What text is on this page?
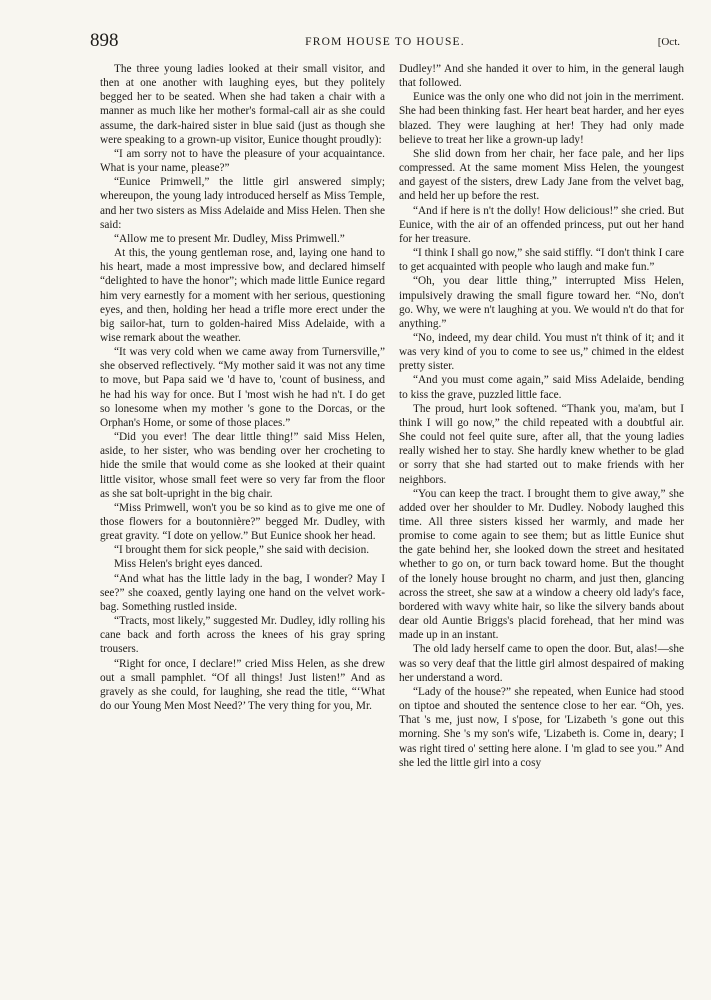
898	FROM HOUSE TO HOUSE.	[Oct.

The three young ladies looked at their small visitor, and then at one another with laughing eyes, but they politely begged her to be seated. When she had taken a chair with a manner as much like her mother's formal-call air as she could assume, the dark-haired sister in blue said (just as though she were speaking to a grown-up visitor, Eunice thought proudly):

“I am sorry not to have the pleasure of your acquaintance. What is your name, please?”

“Eunice Primwell,” the little girl answered simply; whereupon, the young lady introduced herself as Miss Temple, and her two sisters as Miss Adelaide and Miss Helen. Then she said:

“Allow me to present Mr. Dudley, Miss Primwell.”

At this, the young gentleman rose, and, laying one hand to his heart, made a most impressive bow, and declared himself “delighted to have the honor”; which made little Eunice regard him very earnestly for a moment with her serious, questioning eyes, and then, holding her head a trifle more erect under the big sailor-hat, turn to golden-haired Miss Adelaide, with a wise remark about the weather.

“It was very cold when we came away from Turnersville,” she observed reflectively. “My mother said it was not any time to move, but Papa said we 'd have to, 'count of business, and he had his way for once. But I 'most wish he had n't. I do get so lonesome when my mother 's gone to the Dorcas, or the Orphan's Home, or some of those places.”

“Did you ever! The dear little thing!” said Miss Helen, aside, to her sister, who was bending over her crocheting to hide the smile that would come as she looked at their quaint little visitor, whose small feet were so very far from the floor as she sat bolt-upright in the big chair.

“Miss Primwell, won't you be so kind as to give me one of those flowers for a boutonnière?” begged Mr. Dudley, with great gravity. “I dote on yellow.” But Eunice shook her head.

“I brought them for sick people,” she said with decision.

Miss Helen's bright eyes danced.

“And what has the little lady in the bag, I wonder? May I see?” she coaxed, gently laying one hand on the velvet work-bag. Something rustled inside.

“Tracts, most likely,” suggested Mr. Dudley, idly rolling his cane back and forth across the knees of his gray spring trousers.

“Right for once, I declare!” cried Miss Helen, as she drew out a small pamphlet. “Of all things! Just listen!” And as gravely as she could, for laughing, she read the title, “‘What do our Young Men Most Need?’ The very thing for you, Mr.

Dudley!” And she handed it over to him, in the general laugh that followed.

Eunice was the only one who did not join in the merriment. She had been thinking fast. Her heart beat harder, and her eyes blazed. They were laughing at her! They had only made believe to treat her like a grown-up lady!

She slid down from her chair, her face pale, and her lips compressed. At the same moment Miss Helen, the youngest and gayest of the sisters, drew Lady Jane from the velvet bag, and held her up before the rest.

“And if here is n't the dolly! How delicious!” she cried. But Eunice, with the air of an offended princess, put out her hand for her treasure.

“I think I shall go now,” she said stiffly. “I don't think I care to get acquainted with people who laugh and make fun.”

“Oh, you dear little thing,” interrupted Miss Helen, impulsively drawing the small figure toward her. “No, don't go. Why, we were n't laughing at you. We would n't do that for anything.”

“No, indeed, my dear child. You must n't think of it; and it was very kind of you to come to see us,” chimed in the eldest pretty sister.

“And you must come again,” said Miss Adelaide, bending to kiss the grave, puzzled little face.

The proud, hurt look softened. “Thank you, ma'am, but I think I will go now,” the child repeated with a doubtful air. She could not feel quite sure, after all, that the young ladies really wished her to stay. She hardly knew whether to be glad or sorry that she had started out to make friends with her neighbors.

“You can keep the tract. I brought them to give away,” she added over her shoulder to Mr. Dudley. Nobody laughed this time. All three sisters kissed her warmly, and made her promise to come again to see them; but as little Eunice shut the gate behind her, she looked down the street and hesitated whether to go on, or turn back toward home. But the thought of the lonely house brought no charm, and just then, glancing across the street, she saw at a window a cheery old lady's face, bordered with wavy white hair, so like the silvery bands about dear old Auntie Briggs's placid forehead, that her mind was made up in an instant.

The old lady herself came to open the door. But, alas!—she was so very deaf that the little girl almost despaired of making her understand a word.

“Lady of the house?” she repeated, when Eunice had stood on tiptoe and shouted the sentence close to her ear. “Oh, yes. That 's me, just now, I s'pose, for 'Lizabeth 's gone out this morning. She 's my son's wife, 'Lizabeth is. Come in, deary; I was right tired o' setting here alone. I 'm glad to see you.” And she led the little girl into a cosy
